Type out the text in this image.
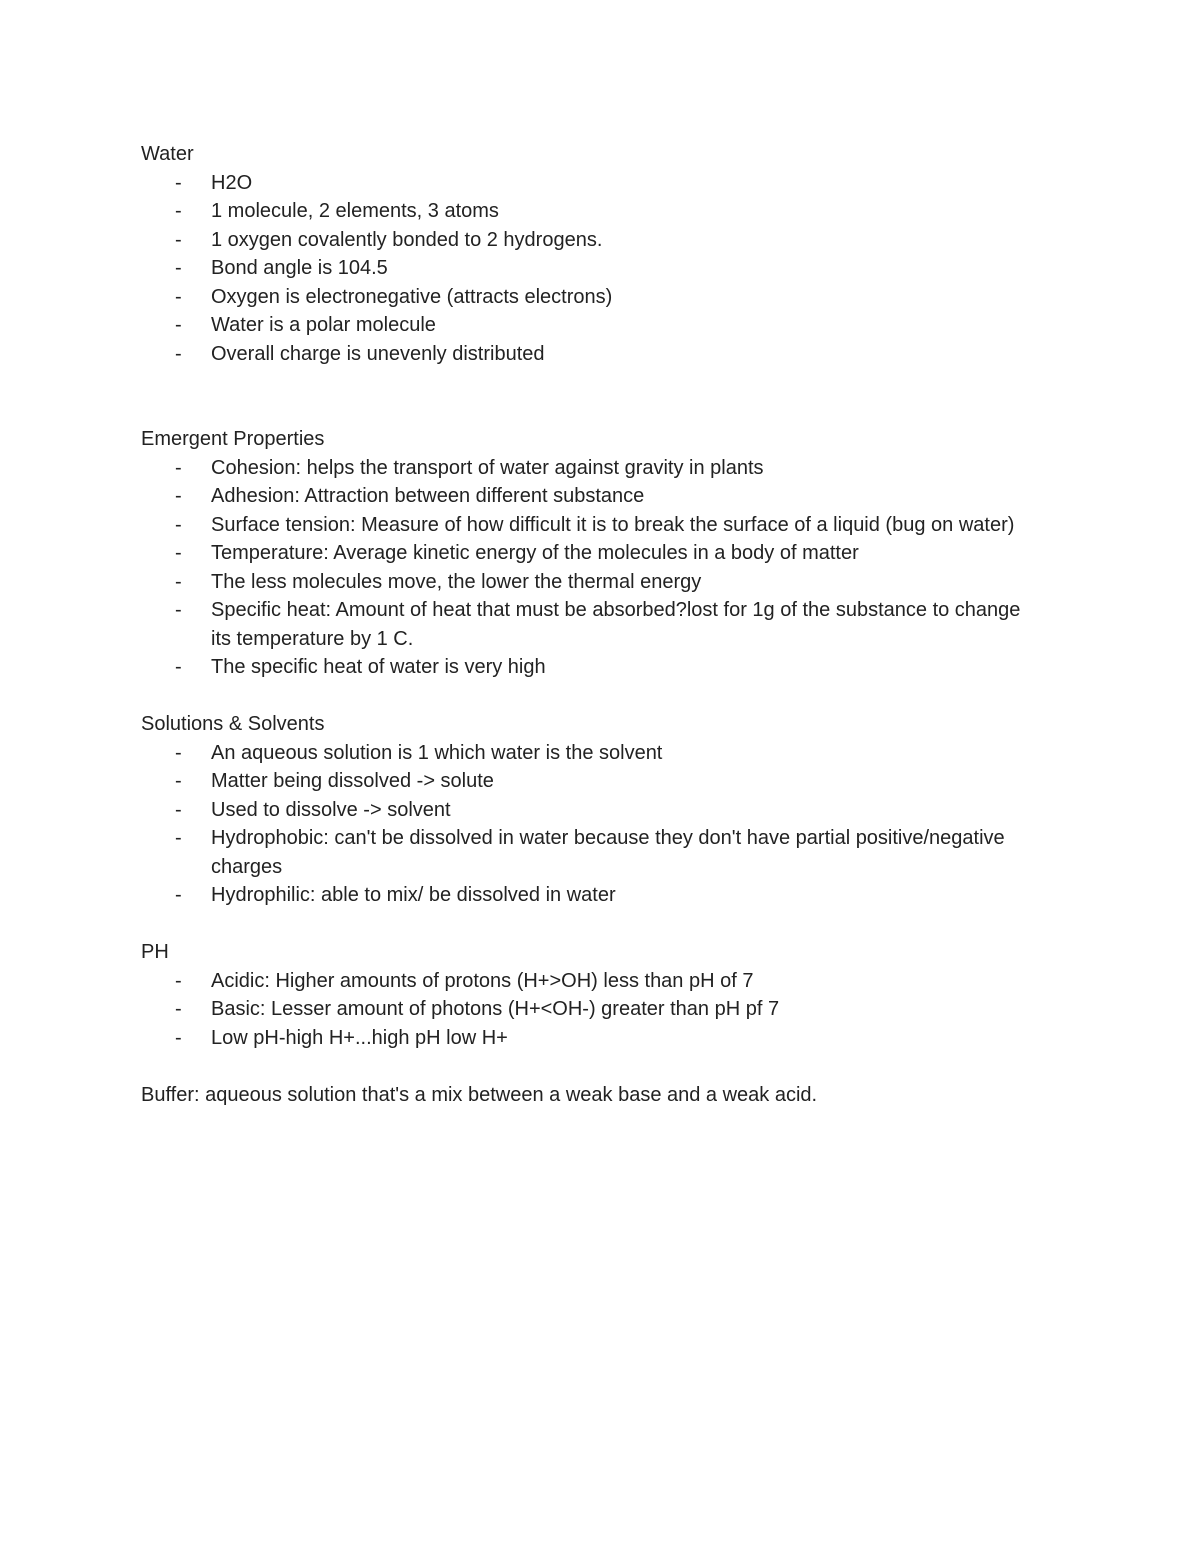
Water
- H2O
- 1 molecule, 2 elements, 3 atoms
- 1 oxygen covalently bonded to 2 hydrogens.
- Bond angle is 104.5
- Oxygen is electronegative (attracts electrons)
- Water is a polar molecule
- Overall charge is unevenly distributed
Emergent Properties
- Cohesion: helps the transport of water against gravity in plants
- Adhesion: Attraction between different substance
- Surface tension: Measure of how difficult it is to break the surface of a liquid (bug on water)
- Temperature: Average kinetic energy of the molecules in a body of matter
- The less molecules move, the lower the thermal energy
- Specific heat: Amount of heat that must be absorbed?lost for 1g of the substance to change its temperature by 1 C.
- The specific heat of water is very high
Solutions & Solvents
- An aqueous solution is 1 which water is the solvent
- Matter being dissolved -> solute
- Used to dissolve -> solvent
- Hydrophobic: can't be dissolved in water because they don't have partial positive/negative charges
- Hydrophilic: able to mix/ be dissolved in water
PH
- Acidic: Higher amounts of protons (H+>OH) less than pH of 7
- Basic: Lesser amount of photons (H+<OH-) greater than pH pf 7
- Low pH-high H+...high pH low H+
Buffer: aqueous solution that's a mix between a weak base and a weak acid.
